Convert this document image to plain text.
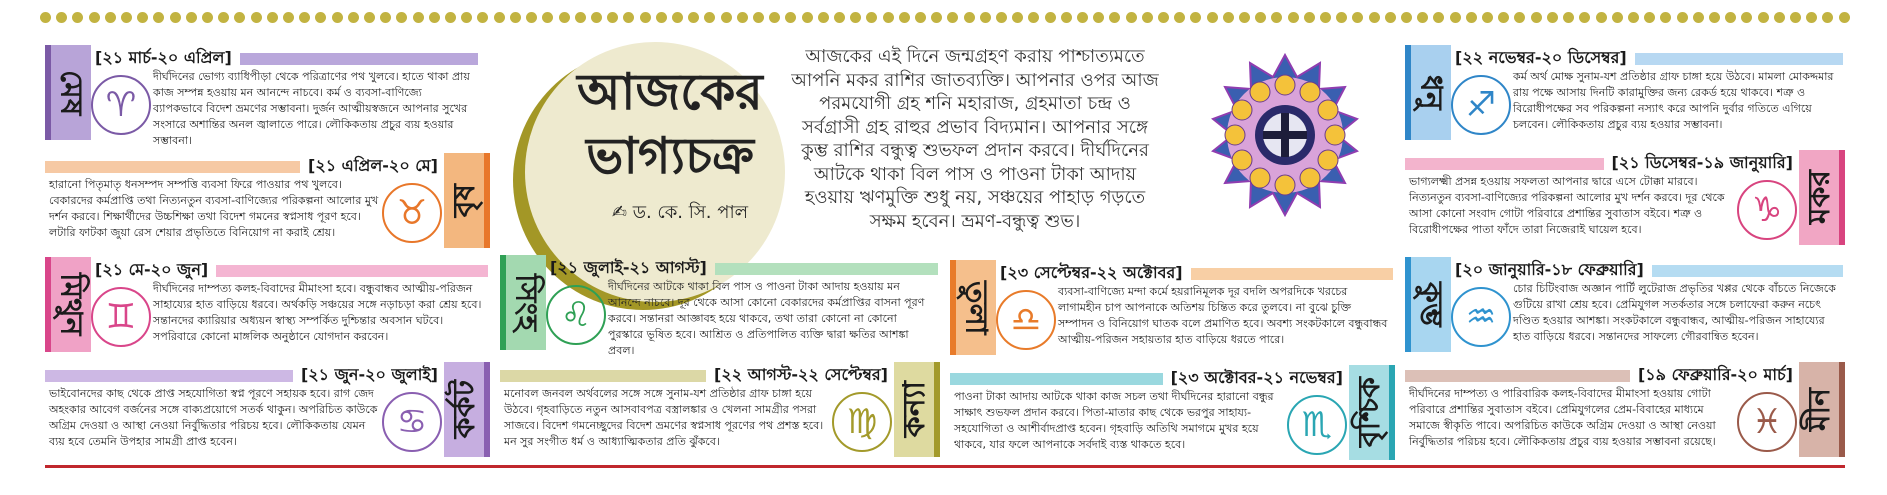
আজকের ভাগ্যচক্র
✍ ড. কে. সি. পাল
আজকের এই দিনে জন্মগ্রহণ করায় পাশ্চাত্যমতে আপনি মকর রাশির জাতব্যক্তি। আপনার ওপর আজ পরমযোগী গ্রহ শনি মহারাজ, গ্রহমাতা চন্দ্র ও সর্বগ্রাসী গ্রহ রাহুর প্রভাব বিদ্যমান। আপনার সঙ্গে কুম্ভ রাশির বন্ধুত্ব শুভফল প্রদান করবে। দীর্ঘদিনের আটকে থাকা বিল পাস ও পাওনা টাকা আদায় হওয়ায় ঋণমুক্তি শুধু নয়, সঞ্চয়ের পাহাড় গড়তে সক্ষম হবেন। ভ্রমণ-বন্ধুত্ব শুভ।
মেষ
[২১ মার্চ-২০ এপ্রিল]
♈
দীর্ঘদিনের ভোগ্য ব্যাধিপীড়া থেকে পরিত্রাণের পথ খুলবে। হাতে থাকা প্রায় কাজ সম্পন্ন হওয়ায় মন আনন্দে নাচবে। কর্ম ও ব্যবসা-বাণিজ্যে ব্যাপকভাবে বিদেশ ভ্রমণের সম্ভাবনা। দুর্জন আত্মীয়স্বজনে আপনার সুখের সংসারে অশান্তির অনল জ্বালাতে পারে। লৌকিকতায় প্রচুর ব্যয় হওয়ার সম্ভাবনা।
বৃষ
[২১ এপ্রিল-২০ মে]
♉
হারানো পিতৃমাতৃ ধনসম্পদ সম্পত্তি ব্যবসা ফিরে পাওয়ার পথ খুলবে। বেকারদের কর্মপ্রাপ্তি তথা নিত্যনতুন ব্যবসা-বাণিজ্যের পরিকল্পনা আলোর মুখ দর্শন করবে। শিক্ষার্থীদের উচ্চশিক্ষা তথা বিদেশ গমনের স্বপ্নসাধ পূরণ হবে। লটারি ফাটকা জুয়া রেস শেয়ার প্রভৃতিতে বিনিয়োগ না করাই শ্রেয়।
মিথুন
[২১ মে-২০ জুন]
♊
দীর্ঘদিনের দাম্পত্য কলহ-বিবাদের মীমাংসা হবে। বন্ধুবান্ধব আত্মীয়-পরিজন সাহায্যের হাত বাড়িয়ে ধরবে। অর্থকড়ি সঞ্চয়ের সঙ্গে নড়াচড়া করা শ্রেয় হবে। সন্তানদের ক্যারিয়ার অধ্যয়ন স্বাস্থ্য সম্পর্কিত দুশ্চিন্তার অবসান ঘটবে। সপরিবারে কোনো মাঙ্গলিক অনুষ্ঠানে যোগদান করবেন।
কর্কট
[২১ জুন-২০ জুলাই]
♋
ভাইবোনদের কাছ থেকে প্রাপ্ত সহযোগিতা স্বপ্ন পূরণে সহায়ক হবে। রাগ জেদ অহংকার আবেগ বর্জনের সঙ্গে বাক্যপ্রয়োগে সতর্ক থাকুন। অপরিচিত কাউকে অগ্রিম দেওয়া ও আস্থা নেওয়া নির্বুদ্ধিতার পরিচয় হবে। লৌকিকতায় যেমন ব্যয় হবে তেমনি উপহার সামগ্রী প্রাপ্ত হবেন।
সিংহ
[২১ জুলাই-২১ আগস্ট]
♌
দীর্ঘদিনের আটকে থাকা বিল পাস ও পাওনা টাকা আদায় হওয়ায় মন আনন্দে নাচবে। দূর থেকে আসা কোনো বেকারদের কর্মপ্রাপ্তির বাসনা পূরণ করবে। সন্তানরা আজ্ঞাবহ হয়ে থাকবে, তথা তারা কোনো না কোনো পুরস্কারে ভূষিত হবে। আশ্রিত ও প্রতিপালিত ব্যক্তি দ্বারা ক্ষতির আশঙ্কা প্রবল।
কন্যা
[২২ আগস্ট-২২ সেপ্টেম্বর]
♍
মনোবল জনবল অর্থবলের সঙ্গে সঙ্গে সুনাম-যশ প্রতিষ্ঠার গ্রাফ চাঙ্গা হয়ে উঠবে। গৃহবাড়িতে নতুন আসবাবপত্র বস্ত্রালঙ্কার ও খেলনা সামগ্রীর পসরা সাজবে। বিদেশ গমনেচ্ছুদের বিদেশ ভ্রমণের স্বপ্নসাধ পূরণের পথ প্রশস্ত হবে। মন সুর সংগীত ধর্ম ও আধ্যাত্মিকতার প্রতি ঝুঁকবে।
তুলা
[২৩ সেপ্টেম্বর-২২ অক্টোবর]
♎
ব্যবসা-বাণিজ্যে মন্দা কর্মে হয়রানিমূলক দূর বদলি অপরদিকে খরচের লাগামহীন চাপ আপনাকে অতিশয় চিন্তিত করে তুলবে। না বুঝে চুক্তি সম্পাদন ও বিনিয়োগ ঘাতক বলে প্রমাণিত হবে। অবশ্য সংকটকালে বন্ধুবান্ধব আত্মীয়-পরিজন সহায়তার হাত বাড়িয়ে ধরতে পারে।
বৃশ্চিক
[২৩ অক্টোবর-২১ নভেম্বর]
♏
পাওনা টাকা আদায় আটকে থাকা কাজ সচল তথা দীর্ঘদিনের হারানো বন্ধুর সাক্ষাৎ শুভফল প্রদান করবে। পিতা-মাতার কাছ থেকে ভরপুর সাহায্য-সহযোগিতা ও আশীর্বাদপ্রাপ্ত হবেন। গৃহবাড়ি অতিথি সমাগমে মুখর হয়ে থাকবে, যার ফলে আপনাকে সর্বদাই ব্যস্ত থাকতে হবে।
ধনু
[২২ নভেম্বর-২০ ডিসেম্বর]
♐
কর্ম অর্থ মোক্ষ সুনাম-যশ প্রতিষ্ঠার গ্রাফ চাঙ্গা হয়ে উঠবে। মামলা মোকদ্দমার রায় পক্ষে আসায় দিনটি কারামুক্তির জন্য রেকর্ড হয়ে থাকবে। শত্রু ও বিরোধীপক্ষের সব পরিকল্পনা নস্যাৎ করে আপনি দুর্বার গতিতে এগিয়ে চলবেন। লৌকিকতায় প্রচুর ব্যয় হওয়ার সম্ভাবনা।
মকর
[২১ ডিসেম্বর-১৯ জানুয়ারি]
♑
ভাগ্যলক্ষ্মী প্রসন্ন হওয়ায় সফলতা আপনার দ্বারে এসে টোক্কা মারবে। নিত্যনতুন ব্যবসা-বাণিজ্যের পরিকল্পনা আলোর মুখ দর্শন করবে। দূর থেকে আসা কোনো সংবাদ গোটা পরিবারে প্রশান্তির সুবাতাস বইবে। শত্রু ও বিরোধীপক্ষের পাতা ফাঁদে তারা নিজেরাই ঘায়েল হবে।
কুম্ভ
[২০ জানুয়ারি-১৮ ফেব্রুয়ারি]
♒
চোর চিটিংবাজ অজ্ঞান পার্টি লুটেরাজ প্রভৃতির খপ্পর থেকে বাঁচতে নিজেকে গুটিয়ে রাখা শ্রেয় হবে। প্রেমিযুগল সতর্কতার সঙ্গে চলাফেরা করুন নচেৎ দণ্ডিত হওয়ার আশঙ্কা। সংকটকালে বন্ধুবান্ধব, আত্মীয়-পরিজন সাহায্যের হাত বাড়িয়ে ধরবে। সন্তানদের সাফল্যে গৌরবান্বিত হবেন।
মীন
[১৯ ফেব্রুয়ারি-২০ মার্চ]
♓
দীর্ঘদিনের দাম্পত্য ও পারিবারিক কলহ-বিবাদের মীমাংসা হওয়ায় গোটা পরিবারে প্রশান্তির সুবাতাস বইবে। প্রেমিযুগলের প্রেম-বিবাহের মাধ্যমে সমাজে স্বীকৃতি পাবে। অপরিচিত কাউকে অগ্রিম দেওয়া ও আস্থা নেওয়া নির্বুদ্ধিতার পরিচয় হবে। লৌকিকতায় প্রচুর ব্যয় হওয়ার সম্ভাবনা রয়েছে।
